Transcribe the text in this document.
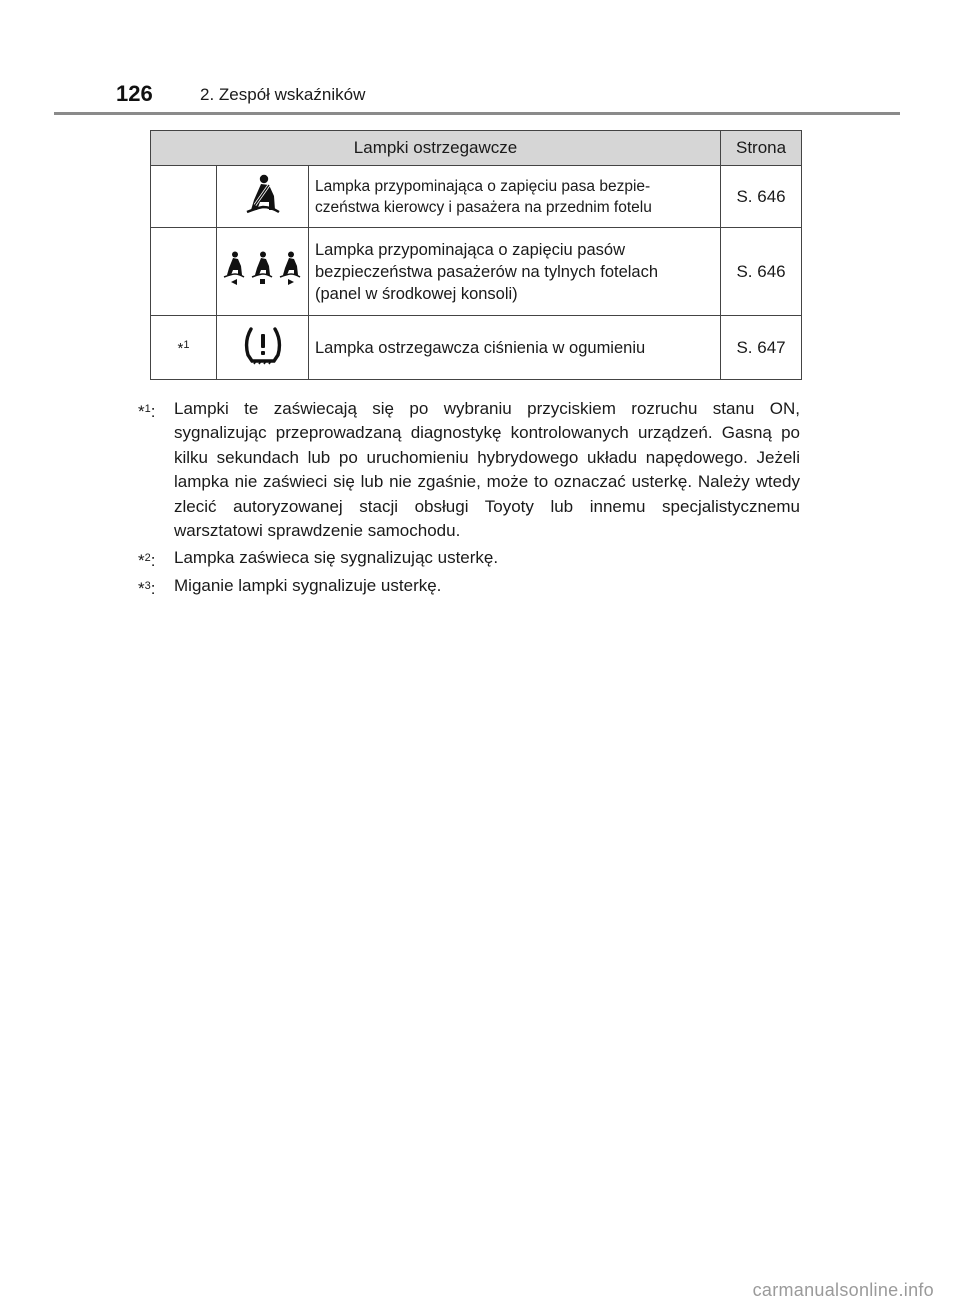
126	2. Zespół wskaźników
Lampki ostrzegawcze			Strona
		Lampka przypominająca o zapięciu pasa bezpie-
czeństwa kierowcy i pasażera na przednim fotelu	S. 646
		Lampka przypominająca o zapięciu pasów
bezpieczeństwa pasażerów na tylnych fotelach
(panel w środkowej konsoli)	S. 646
*$^1$		Lampka ostrzegawcza ciśnienia w ogumieniu	S. 647
*$^1$: Lampki te zaświecają się po wybraniu przyciskiem rozruchu stanu ON, sygnalizując przeprowadzaną diagnostykę kontrolowanych urządzeń. Gasną po kilku sekundach lub po uruchomieniu hybrydowego układu napędowego. Jeżeli lampka nie zaświeci się lub nie zgaśnie, może to oznaczać usterkę. Należy wtedy zlecić autoryzowanej stacji obsługi Toyoty lub innemu specjalistycznemu warsztatowi sprawdzenie samochodu.
*$^2$: Lampka zaświeca się sygnalizując usterkę.
*$^3$: Miganie lampki sygnalizuje usterkę.
carmanualsonline.info
